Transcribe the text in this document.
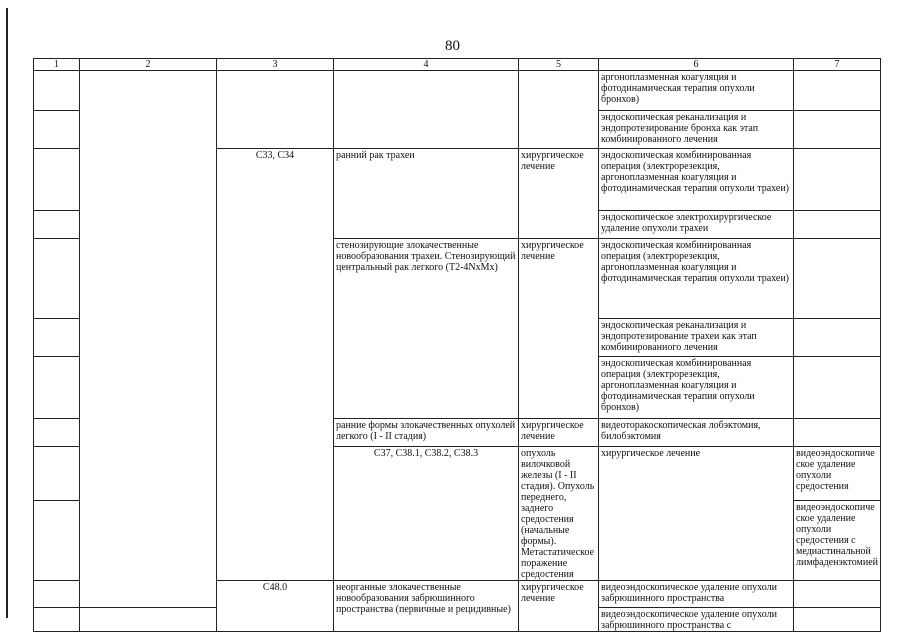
80
1	2	3	4	5	6	7	
					аргоноплазменная коагуляция и фотодинамическая терапия опухоли бронхов)		
					эндоскопическая реканализация и эндопротезирование бронха как этап комбинированного лечения		
		C33, C34	ранний рак трахеи	хирургическое лечение	эндоскопическая комбинированная операция (электрорезекция, аргоноплазменная коагуляция и фотодинамическая терапия опухоли трахеи)		
					эндоскопическое электрохирургическое удаление опухоли трахеи		
			стенозирующие злокачественные новообразования трахеи. Стенозирующий центральный рак легкого (T2-4NxMx)	хирургическое лечение	эндоскопическая комбинированная операция (электрорезекция, аргоноплазменная коагуляция и фотодинамическая терапия опухоли трахеи)		
					эндоскопическая реканализация и эндопротезирование трахеи как этап комбинированного лечения		
					эндоскопическая комбинированная операция (электрорезекция, аргоноплазменная коагуляция и фотодинамическая терапия опухоли бронхов)		
			ранние формы злокачественных опухолей легкого (I - II стадия)	хирургическое лечение	видеоторакоскопическая лобэктомия, билобэктомия		
			C37, C38.1, C38.2, C38.3	опухоль вилочковой железы (I - II стадия). Опухоль переднего, заднего средостения (начальные формы). Метастатическое поражение средостения	хирургическое лечение	видеоэндоскопическое удаление опухоли средостения	
						видеоэндоскопическое удаление опухоли средостения с медиастинальной лимфаденэктомией	
		C48.0	неорганные злокачественные новообразования забрюшинного пространства (первичные и рецидивные)	хирургическое лечение	видеоэндоскопическое удаление опухоли забрюшинного пространства		
					видеоэндоскопическое удаление опухоли забрюшинного пространства с		
